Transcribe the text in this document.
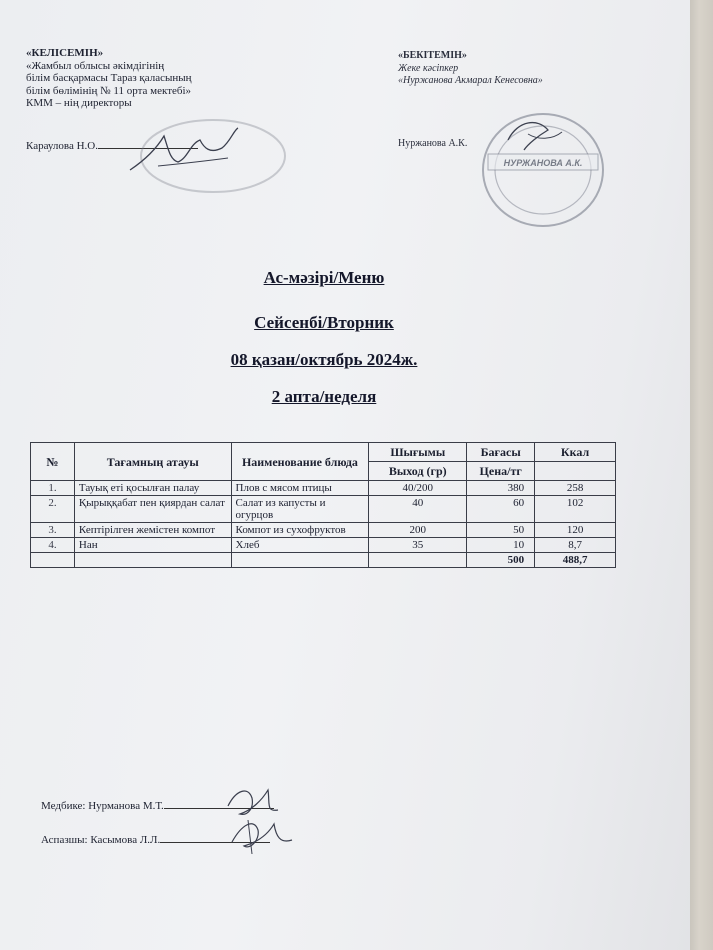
«КЕЛІСЕМІН»
«Жамбыл облысы әкімдігінің
білім басқармасы Тараз қаласының
білім бөлімінің № 11 орта мектебі»
КММ – нің директоры
Караулова Н.О.
«БЕКІТЕМІН»
Жеке кәсіпкер
«Нуржанова Акмарал Кенесовна»
Нуржанова А.К.
НУРЖАНОВА А.К.
Ас-мәзірі/Меню
Сейсенбі/Вторник
08 қазан/октябрь 2024ж.
2 апта/неделя
№	Тағамның атауы	Наименование блюда	Шығымы	Бағасы	Ккал
			Выход (гр)	Цена/тг	
1.	Тауық еті қосылған палау	Плов с мясом птицы	40/200	380	258
2.	Қырыққабат пен қиярдан салат	Салат из капусты и огурцов	40	60	102
3.	Кептірілген жемістен компот	Компот из сухофруктов	200	50	120
4.	Нан	Хлеб	35	10	8,7
				500	488,7
Медбике: Нурманова М.Т.
Аспазшы: Касымова Л.Л.
